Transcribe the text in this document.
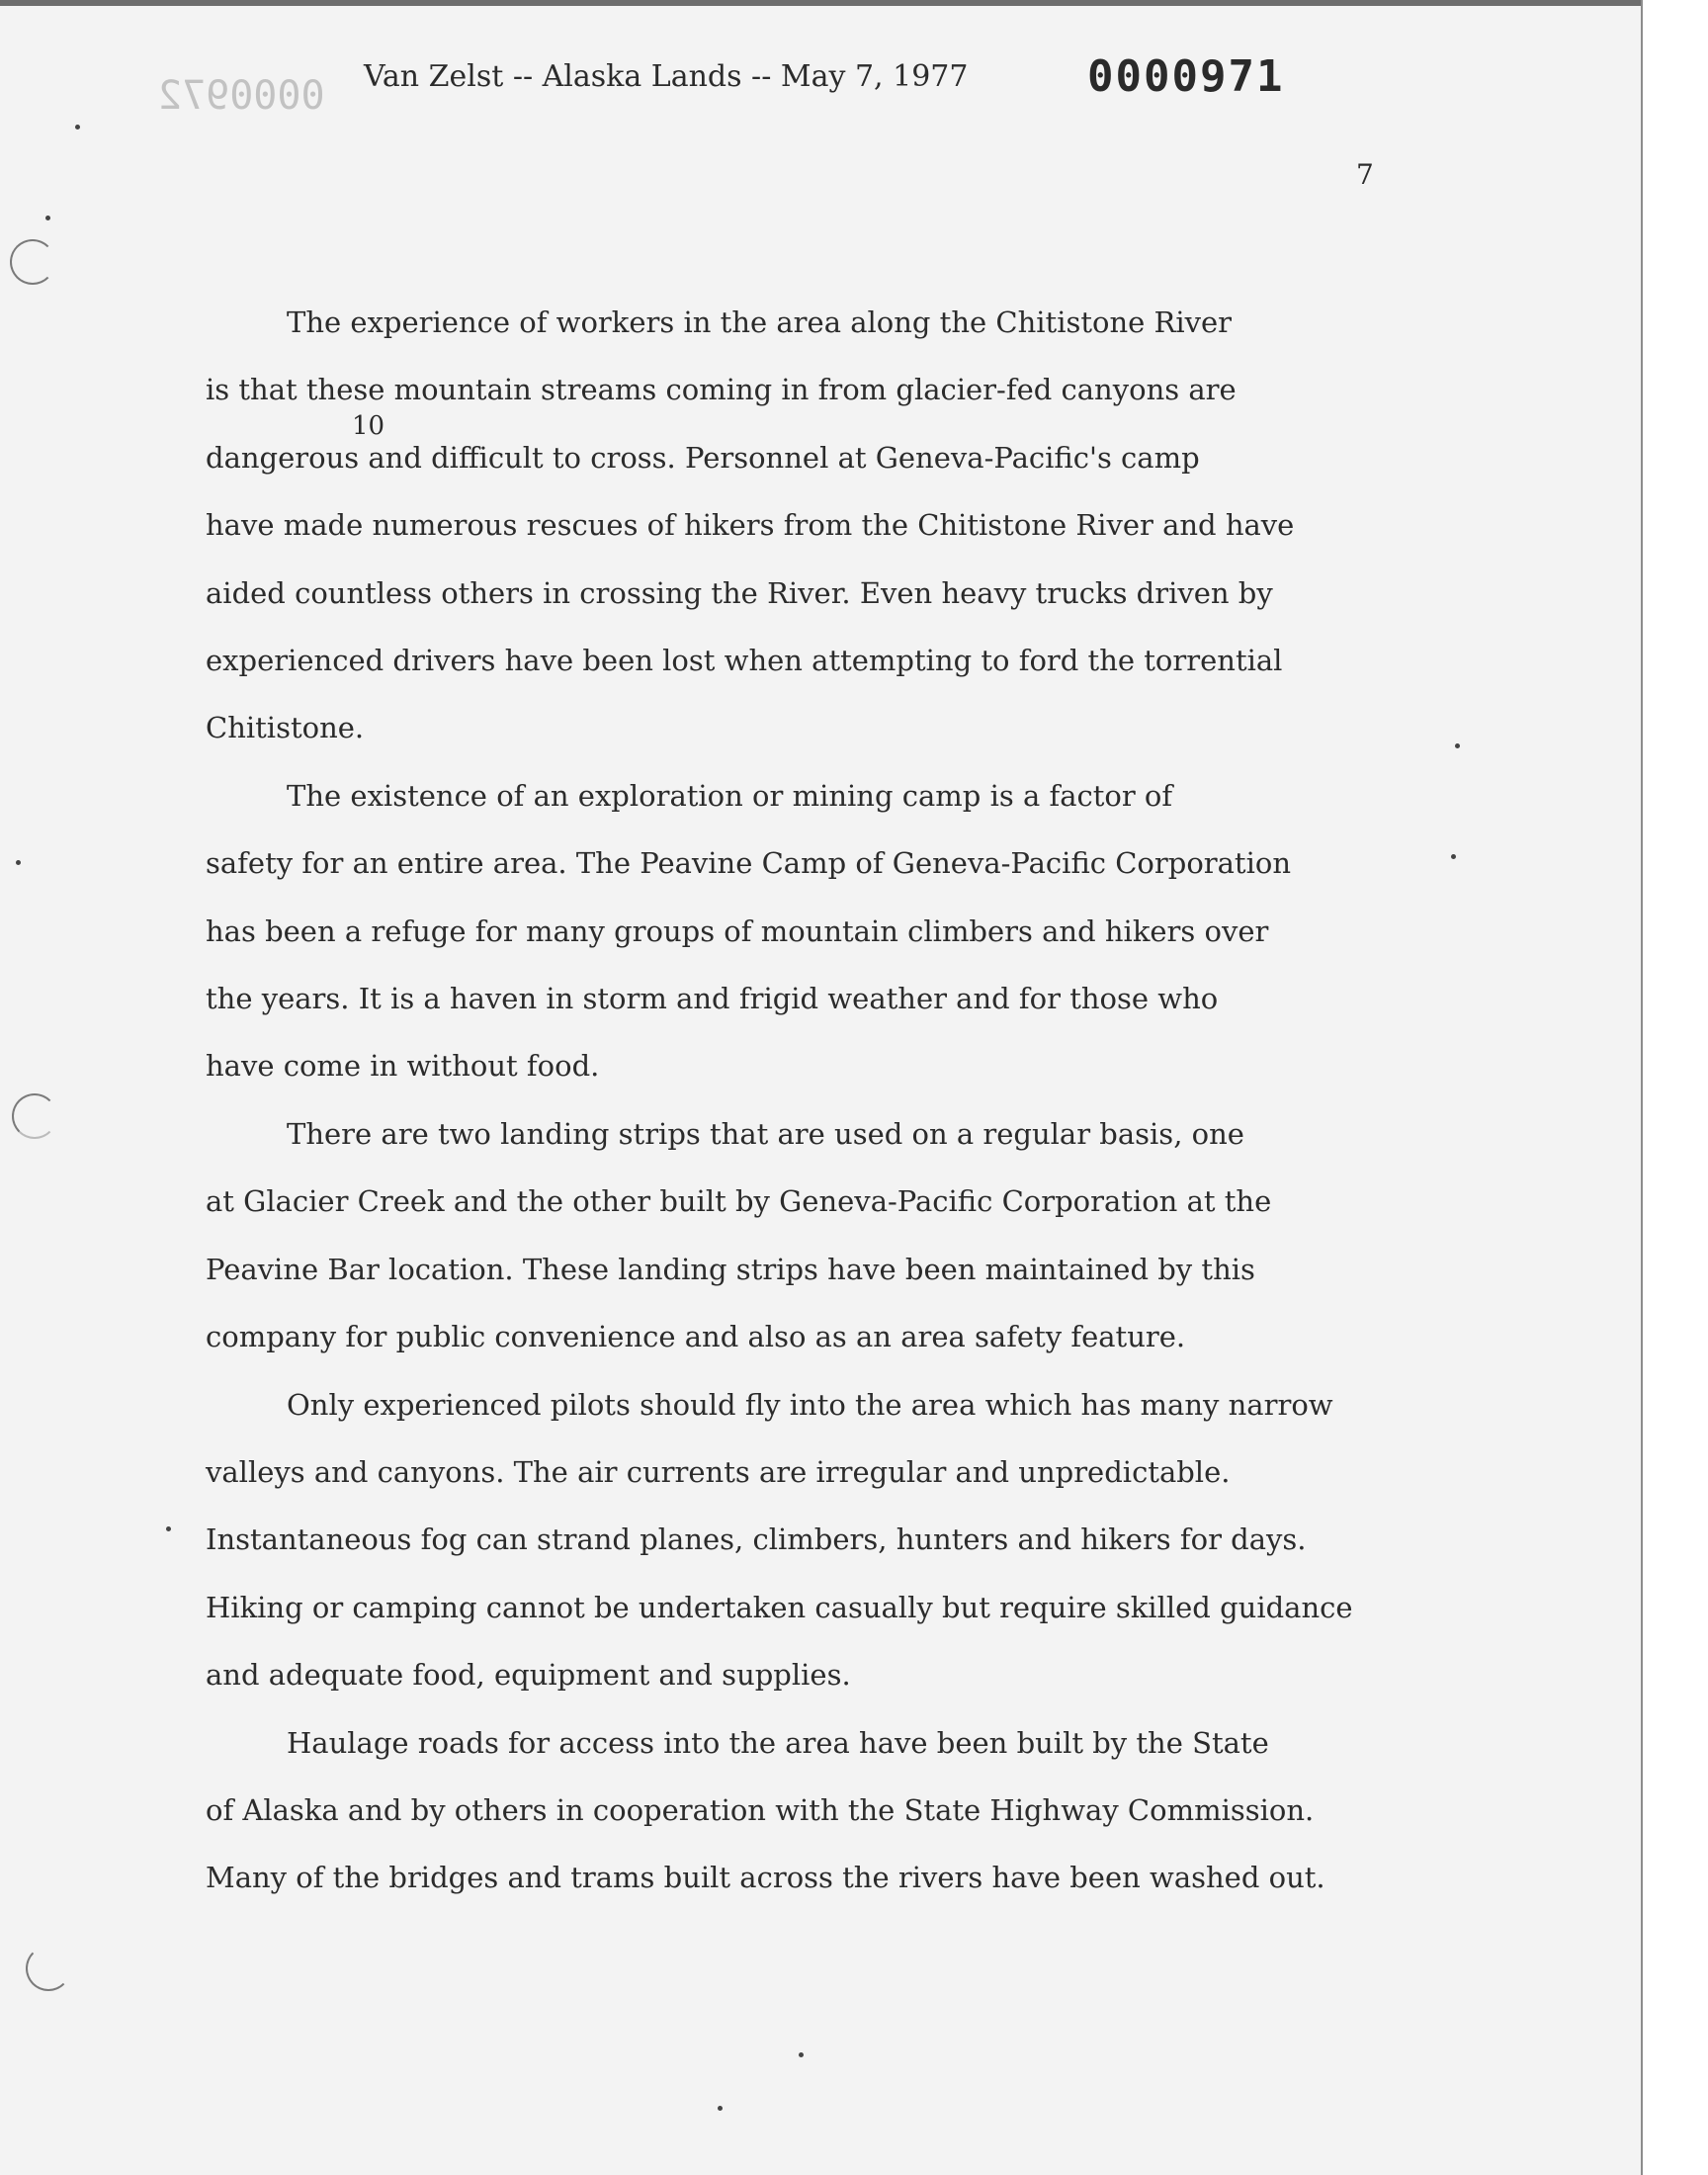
0000972 Van Zelst -- Alaska Lands -- May 7, 1977	0000971
7
10

The experience of workers in the area along the Chitistone River
is that these mountain streams coming in from glacier-fed canyons are
dangerous and difficult to cross. Personnel at Geneva-Pacific's camp
have made numerous rescues of hikers from the Chitistone River and have
aided countless others in crossing the River. Even heavy trucks driven by
experienced drivers have been lost when attempting to ford the torrential
Chitistone.

The existence of an exploration or mining camp is a factor of
safety for an entire area. The Peavine Camp of Geneva-Pacific Corporation
has been a refuge for many groups of mountain climbers and hikers over
the years. It is a haven in storm and frigid weather and for those who
have come in without food.

There are two landing strips that are used on a regular basis, one
at Glacier Creek and the other built by Geneva-Pacific Corporation at the
Peavine Bar location. These landing strips have been maintained by this
company for public convenience and also as an area safety feature.

Only experienced pilots should fly into the area which has many narrow
valleys and canyons. The air currents are irregular and unpredictable.
Instantaneous fog can strand planes, climbers, hunters and hikers for days.
Hiking or camping cannot be undertaken casually but require skilled guidance
and adequate food, equipment and supplies.

Haulage roads for access into the area have been built by the State
of Alaska and by others in cooperation with the State Highway Commission.
Many of the bridges and trams built across the rivers have been washed out.
